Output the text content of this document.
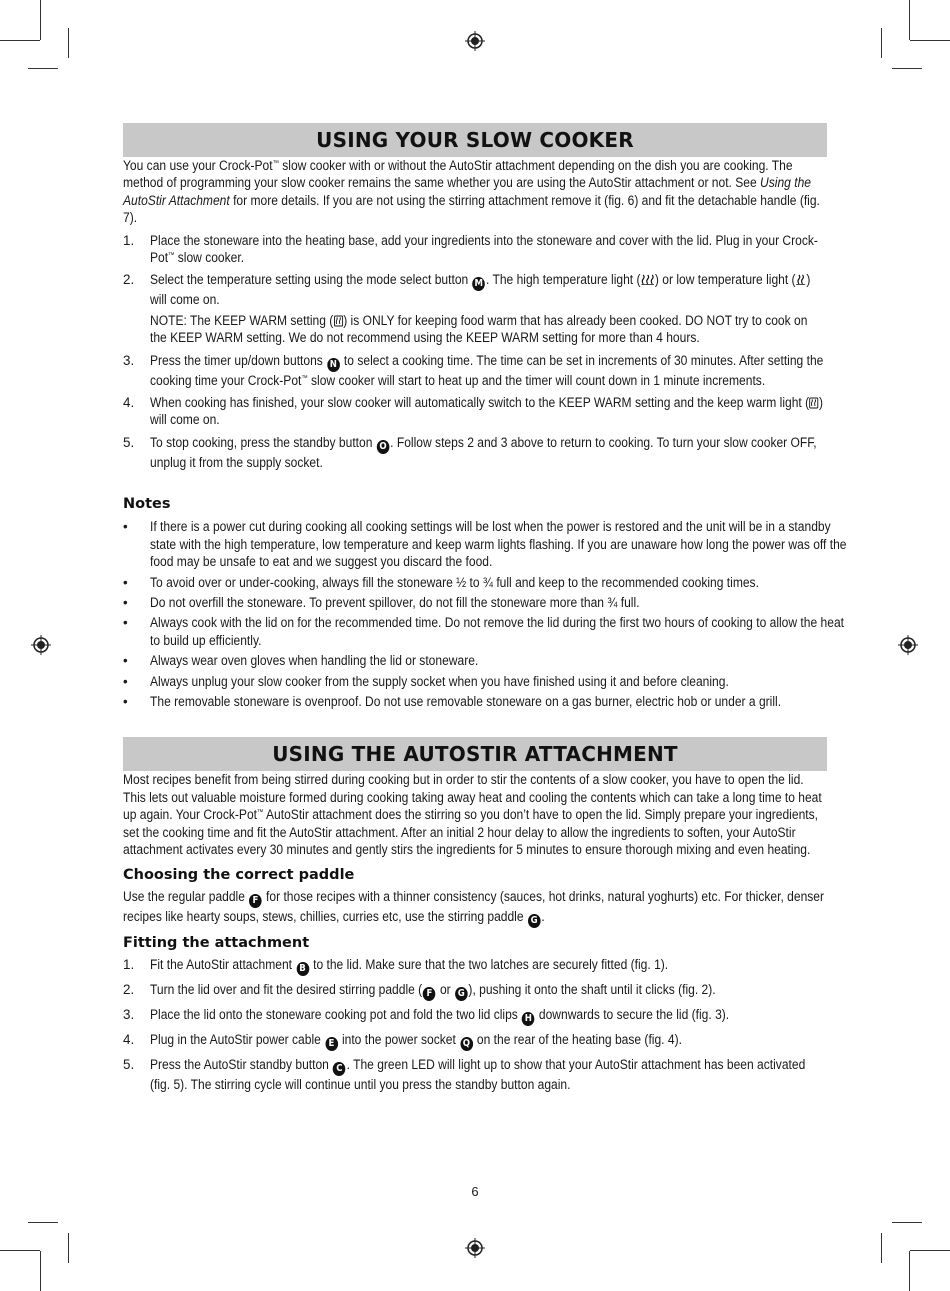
USING YOUR SLOW COOKER

You can use your Crock-Pot™ slow cooker with or without the AutoStir attachment depending on the dish you are cooking. The method of programming your slow cooker remains the same whether you are using the AutoStir attachment or not. See Using the AutoStir Attachment for more details. If you are not using the stirring attachment remove it (fig. 6) and fit the detachable handle (fig. 7).

1. Place the stoneware into the heating base, add your ingredients into the stoneware and cover with the lid. Plug in your Crock-Pot™ slow cooker.
2. Select the temperature setting using the mode select button M . The high temperature light ( ) or low temperature light ( ) will come on.
NOTE: The KEEP WARM setting ( ) is ONLY for keeping food warm that has already been cooked. DO NOT try to cook on the KEEP WARM setting. We do not recommend using the KEEP WARM setting for more than 4 hours.
3. Press the timer up/down buttons N to select a cooking time. The time can be set in increments of 30 minutes. After setting the cooking time your Crock-Pot™ slow cooker will start to heat up and the timer will count down in 1 minute increments.
4. When cooking has finished, your slow cooker will automatically switch to the KEEP WARM setting and the keep warm light ( ) will come on.
5. To stop cooking, press the standby button O . Follow steps 2 and 3 above to return to cooking. To turn your slow cooker OFF, unplug it from the supply socket.
Notes
• If there is a power cut during cooking all cooking settings will be lost when the power is restored and the unit will be in a standby state with the high temperature, low temperature and keep warm lights flashing. If you are unaware how long the power was off the food may be unsafe to eat and we suggest you discard the food.
• To avoid over or under-cooking, always fill the stoneware ½ to ¾ full and keep to the recommended cooking times.
• Do not overfill the stoneware. To prevent spillover, do not fill the stoneware more than ¾ full.
• Always cook with the lid on for the recommended time. Do not remove the lid during the first two hours of cooking to allow the heat to build up efficiently.
• Always wear oven gloves when handling the lid or stoneware.
• Always unplug your slow cooker from the supply socket when you have finished using it and before cleaning.
• The removable stoneware is ovenproof. Do not use removable stoneware on a gas burner, electric hob or under a grill.
USING THE AUTOSTIR ATTACHMENT

Most recipes benefit from being stirred during cooking but in order to stir the contents of a slow cooker, you have to open the lid. This lets out valuable moisture formed during cooking taking away heat and cooling the contents which can take a long time to heat up again. Your Crock-Pot™ AutoStir attachment does the stirring so you don’t have to open the lid. Simply prepare your ingredients, set the cooking time and fit the AutoStir attachment. After an initial 2 hour delay to allow the ingredients to soften, your AutoStir attachment activates every 30 minutes and gently stirs the ingredients for 5 minutes to ensure thorough mixing and even heating.

Choosing the correct paddle

Use the regular paddle F for those recipes with a thinner consistency (sauces, hot drinks, natural yoghurts) etc. For thicker, denser recipes like hearty soups, stews, chillies, curries etc, use the stirring paddle G .

Fitting the attachment
1. Fit the AutoStir attachment B to the lid. Make sure that the two latches are securely fitted (fig. 1).
2. Turn the lid over and fit the desired stirring paddle ( F or G ), pushing it onto the shaft until it clicks (fig. 2).
3. Place the lid onto the stoneware cooking pot and fold the two lid clips H downwards to secure the lid (fig. 3).
4. Plug in the AutoStir power cable E into the power socket Q on the rear of the heating base (fig. 4).
5. Press the AutoStir standby button C . The green LED will light up to show that your AutoStir attachment has been activated (fig. 5). The stirring cycle will continue until you press the standby button again.
6
